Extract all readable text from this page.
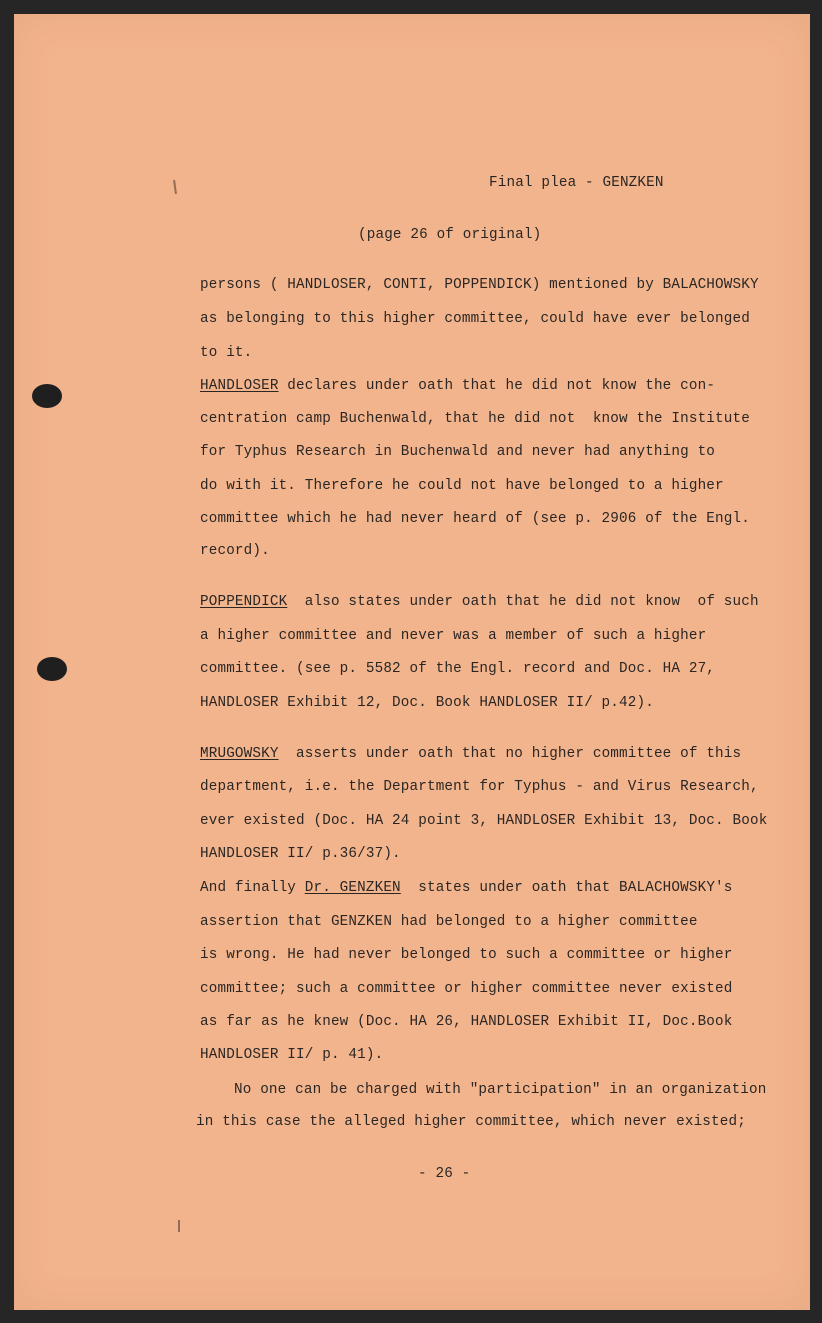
Final plea - GENZKEN
(page 26 of original)
persons ( HANDLOSER, CONTI, POPPENDICK) mentioned by BALACHOWSKY
as belonging to this higher committee, could have ever belonged
to it.
HANDLOSER declares under oath that he did not know the con-
centration camp Buchenwald, that he did not  know the Institute
for Typhus Research in Buchenwald and never had anything to
do with it. Therefore he could not have belonged to a higher
committee which he had never heard of (see p. 2906 of the Engl.
record).
POPPENDICK  also states under oath that he did not know  of such
a higher committee and never was a member of such a higher
committee. (see p. 5582 of the Engl. record and Doc. HA 27,
HANDLOSER Exhibit 12, Doc. Book HANDLOSER II/ p.42).
MRUGOWSKY  asserts under oath that no higher committee of this
department, i.e. the Department for Typhus - and Virus Research,
ever existed (Doc. HA 24 point 3, HANDLOSER Exhibit 13, Doc. Book
HANDLOSER II/ p.36/37).
And finally Dr. GENZKEN  states under oath that BALACHOWSKY's
assertion that GENZKEN had belonged to a higher committee
is wrong. He had never belonged to such a committee or higher
committee; such a committee or higher committee never existed
as far as he knew (Doc. HA 26, HANDLOSER Exhibit II, Doc.Book
HANDLOSER II/ p. 41).
No one can be charged with "participation" in an organization
in this case the alleged higher committee, which never existed;
- 26 -
